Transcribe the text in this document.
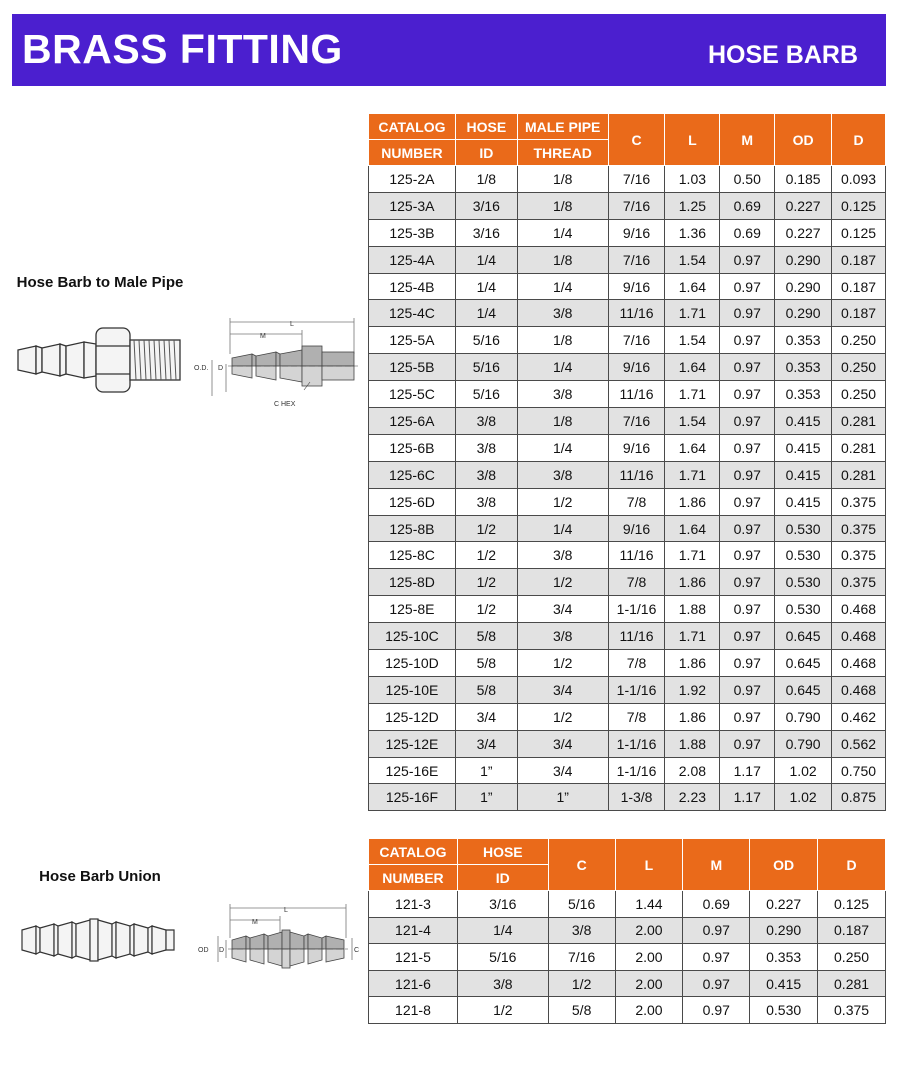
BRASS FITTING	HOSE BARB
Hose Barb to Male Pipe
L
M
O.D. D
C HEX
CATALOG	HOSE	MALE PIPE	C	L	M	OD	D
NUMBER	ID	THREAD					
125-2A	1/8	1/8	7/16	1.03	0.50	0.185	0.093
125-3A	3/16	1/8	7/16	1.25	0.69	0.227	0.125
125-3B	3/16	1/4	9/16	1.36	0.69	0.227	0.125
125-4A	1/4	1/8	7/16	1.54	0.97	0.290	0.187
125-4B	1/4	1/4	9/16	1.64	0.97	0.290	0.187
125-4C	1/4	3/8	11/16	1.71	0.97	0.290	0.187
125-5A	5/16	1/8	7/16	1.54	0.97	0.353	0.250
125-5B	5/16	1/4	9/16	1.64	0.97	0.353	0.250
125-5C	5/16	3/8	11/16	1.71	0.97	0.353	0.250
125-6A	3/8	1/8	7/16	1.54	0.97	0.415	0.281
125-6B	3/8	1/4	9/16	1.64	0.97	0.415	0.281
125-6C	3/8	3/8	11/16	1.71	0.97	0.415	0.281
125-6D	3/8	1/2	7/8	1.86	0.97	0.415	0.375
125-8B	1/2	1/4	9/16	1.64	0.97	0.530	0.375
125-8C	1/2	3/8	11/16	1.71	0.97	0.530	0.375
125-8D	1/2	1/2	7/8	1.86	0.97	0.530	0.375
125-8E	1/2	3/4	1-1/16	1.88	0.97	0.530	0.468
125-10C	5/8	3/8	11/16	1.71	0.97	0.645	0.468
125-10D	5/8	1/2	7/8	1.86	0.97	0.645	0.468
125-10E	5/8	3/4	1-1/16	1.92	0.97	0.645	0.468
125-12D	3/4	1/2	7/8	1.86	0.97	0.790	0.462
125-12E	3/4	3/4	1-1/16	1.88	0.97	0.790	0.562
125-16E	1”	3/4	1-1/16	2.08	1.17	1.02	0.750
125-16F	1”	1”	1-3/8	2.23	1.17	1.02	0.875
Hose Barb Union
L
M
OD D	C
CATALOG	HOSE	C	L	M	OD	D
NUMBER	ID					
121-3	3/16	5/16	1.44	0.69	0.227	0.125
121-4	1/4	3/8	2.00	0.97	0.290	0.187
121-5	5/16	7/16	2.00	0.97	0.353	0.250
121-6	3/8	1/2	2.00	0.97	0.415	0.281
121-8	1/2	5/8	2.00	0.97	0.530	0.375
